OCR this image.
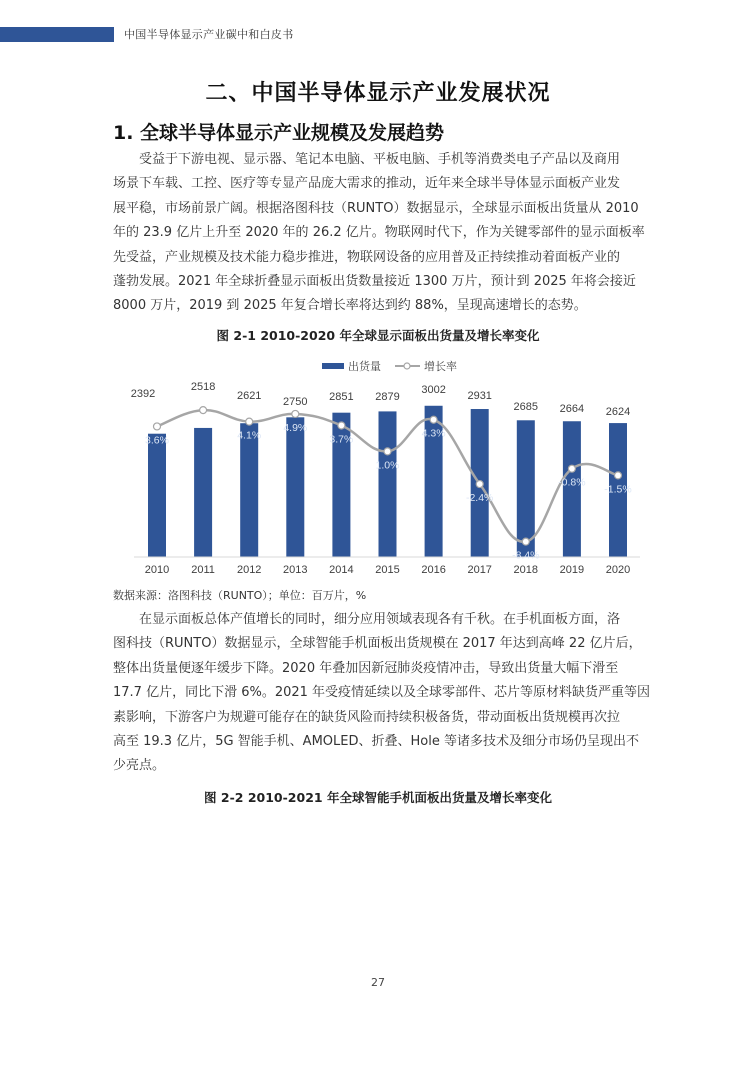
中国半导体显示产业碳中和白皮书
二、中国半导体显示产业发展状况
1. 全球半导体显示产业规模及发展趋势
受益于下游电视、显示器、笔记本电脑、平板电脑、手机等消费类电子产品以及商用
场景下车载、工控、医疗等专显产品庞大需求的推动，近年来全球半导体显示面板产业发
展平稳，市场前景广阔。根据洛图科技（RUNTO）数据显示，全球显示面板出货量从 2010
年的 23.9 亿片上升至 2020 年的 26.2 亿片。物联网时代下，作为关键零部件的显示面板率
先受益，产业规模及技术能力稳步推进，物联网设备的应用普及正持续推动着面板产业的
蓬勃发展。2021 年全球折叠显示面板出货数量接近 1300 万片，预计到 2025 年将会接近
8000 万片，2019 到 2025 年复合增长率将达到约 88%，呈现高速增长的态势。
图 2-1 2010-2020 年全球显示面板出货量及增长率变化
出货量	增长率
2392
2518
2621 2750 2851 2879
3002 2931
2685 2664 2624
3.6%	4.1%
4.9%
3.7%
1.0%
4.3%
-2.4%
-8.4%
-0.8%
-1.5%
2010 2011 2012 2013 2014 2015 2016 2017 2018 2019 2020
数据来源：洛图科技（RUNTO）；单位：百万片，%
在显示面板总体产值增长的同时，细分应用领域表现各有千秋。在手机面板方面，洛
图科技（RUNTO）数据显示，全球智能手机面板出货规模在 2017 年达到高峰 22 亿片后，
整体出货量便逐年缓步下降。2020 年叠加因新冠肺炎疫情冲击，导致出货量大幅下滑至
17.7 亿片，同比下滑 6%。2021 年受疫情延续以及全球零部件、芯片等原材料缺货严重等因
素影响，下游客户为规避可能存在的缺货风险而持续积极备货，带动面板出货规模再次拉
高至 19.3 亿片，5G 智能手机、AMOLED、折叠、Hole 等诸多技术及细分市场仍呈现出不
少亮点。
图 2-2 2010-2021 年全球智能手机面板出货量及增长率变化
27
